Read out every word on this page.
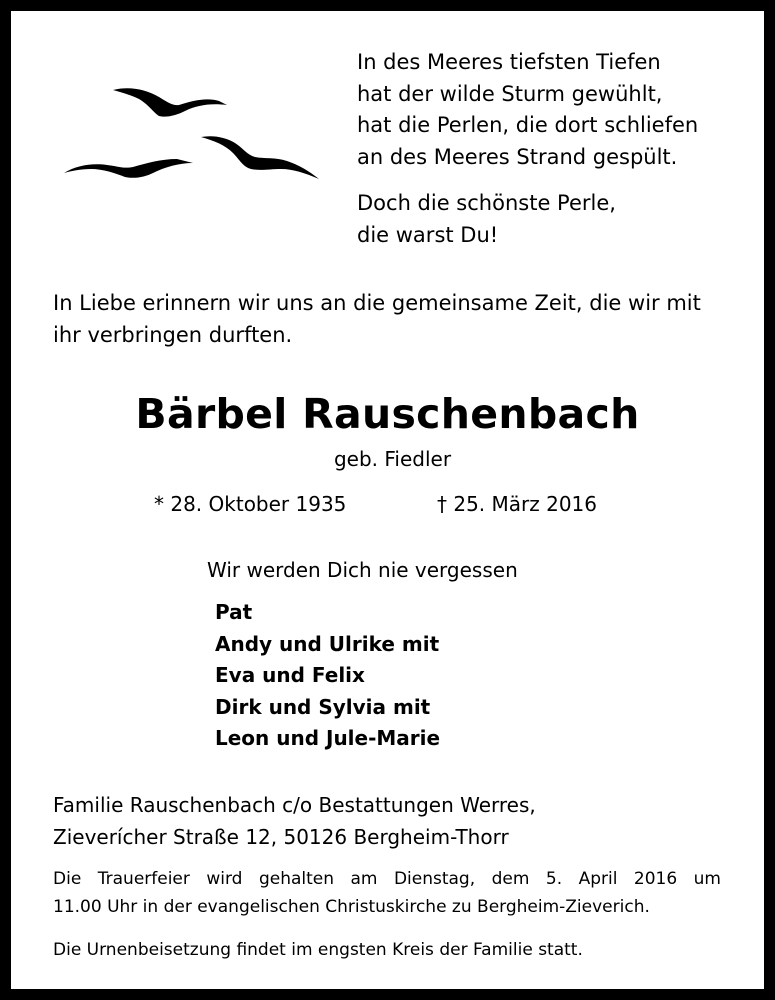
In des Meeres tiefsten Tiefen
hat der wilde Sturm gewühlt,
hat die Perlen, die dort schliefen
an des Meeres Strand gespült.
Doch die schönste Perle,
die warst Du!
In Liebe erinnern wir uns an die gemeinsame Zeit, die wir mit
ihr verbringen durften.
Bärbel Rauschenbach
geb. Fiedler
* 28. Oktober 1935	† 25. März 2016
Wir werden Dich nie vergessen
Pat
Andy und Ulrike mit
Eva und Felix
Dirk und Sylvia mit
Leon und Jule-Marie
Familie Rauschenbach c/o Bestattungen Werres,
Zieverícher Straße 12, 50126 Bergheim-Thorr
Die Trauerfeier wird gehalten am Dienstag, dem 5. April 2016 um
11.00 Uhr in der evangelischen Christuskirche zu Bergheim-Zieverich.
Die Urnenbeisetzung findet im engsten Kreis der Familie statt.
